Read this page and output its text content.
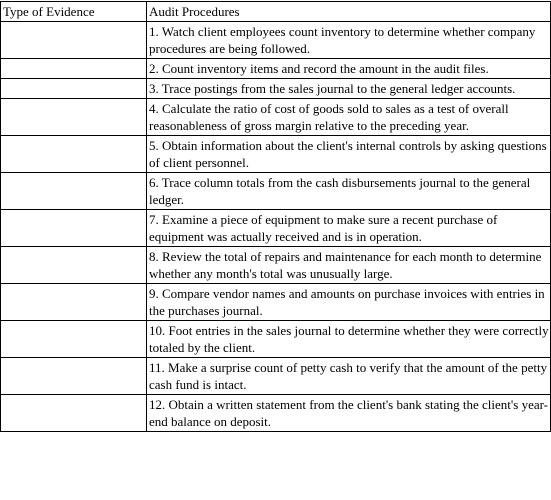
Type of Evidence	Audit Procedures
	1. Watch client employees count inventory to determine whether company procedures are being followed.
	2. Count inventory items and record the amount in the audit files.
	3. Trace postings from the sales journal to the general ledger accounts.
	4. Calculate the ratio of cost of goods sold to sales as a test of overall reasonableness of gross margin relative to the preceding year.
	5. Obtain information about the client's internal controls by asking questions of client personnel.
	6. Trace column totals from the cash disbursements journal to the general ledger.
	7. Examine a piece of equipment to make sure a recent purchase of equipment was actually received and is in operation.
	8. Review the total of repairs and maintenance for each month to determine whether any month's total was unusually large.
	9. Compare vendor names and amounts on purchase invoices with entries in the purchases journal.
	10. Foot entries in the sales journal to determine whether they were correctly totaled by the client.
	11. Make a surprise count of petty cash to verify that the amount of the petty cash fund is intact.
	12. Obtain a written statement from the client's bank stating the client's year-end balance on deposit.
